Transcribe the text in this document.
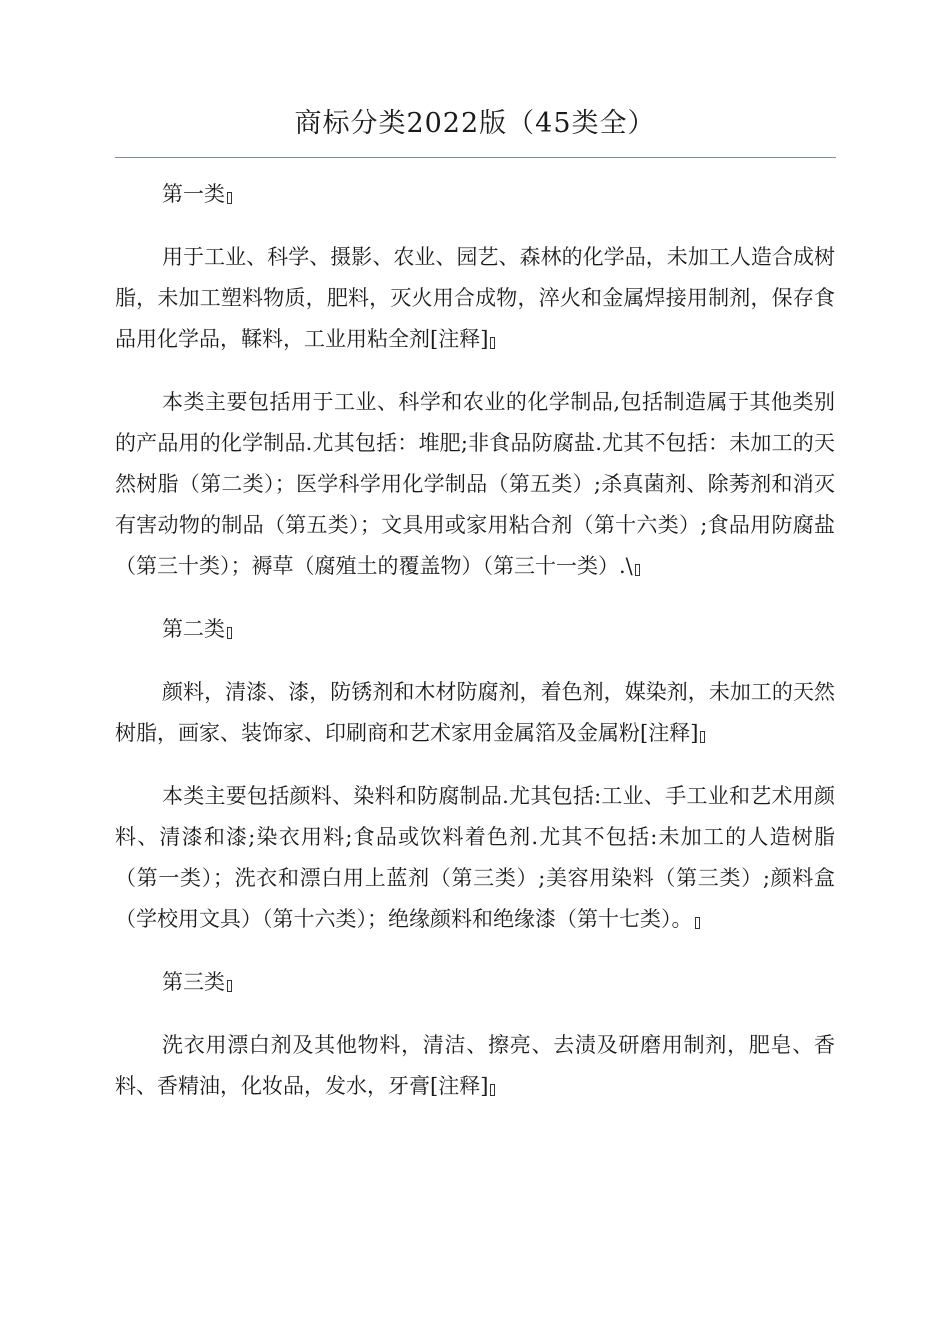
商标分类2022版（45类全）

第一类

用于工业、科学、摄影、农业、园艺、森林的化学品，未加工人造合成树脂，未加工塑料物质，肥料，灭火用合成物，淬火和金属焊接用制剂，保存食品用化学品，鞣料，工业用粘全剂[注释]

本类主要包括用于工业、科学和农业的化学制品,包括制造属于其他类别的产品用的化学制品.尤其包括：堆肥;非食品防腐盐.尤其不包括：未加工的天然树脂（第二类）；医学科学用化学制品（第五类）;杀真菌剂、除莠剂和消灭有害动物的制品（第五类）；文具用或家用粘合剂（第十六类）;食品用防腐盐（第三十类）；褥草（腐殖土的覆盖物）（第三十一类）.\

第二类

颜料，清漆、漆，防锈剂和木材防腐剂，着色剂，媒染剂，未加工的天然树脂，画家、装饰家、印刷商和艺术家用金属箔及金属粉[注释]

本类主要包括颜料、染料和防腐制品.尤其包括:工业、手工业和艺术用颜料、清漆和漆;染衣用料;食品或饮料着色剂.尤其不包括:未加工的人造树脂（第一类）；洗衣和漂白用上蓝剂（第三类）;美容用染料（第三类）;颜料盒（学校用文具）（第十六类）；绝缘颜料和绝缘漆（第十七类）。

第三类

洗衣用漂白剂及其他物料，清洁、擦亮、去渍及研磨用制剂，肥皂、香料、香精油，化妆品，发水，牙膏[注释]
